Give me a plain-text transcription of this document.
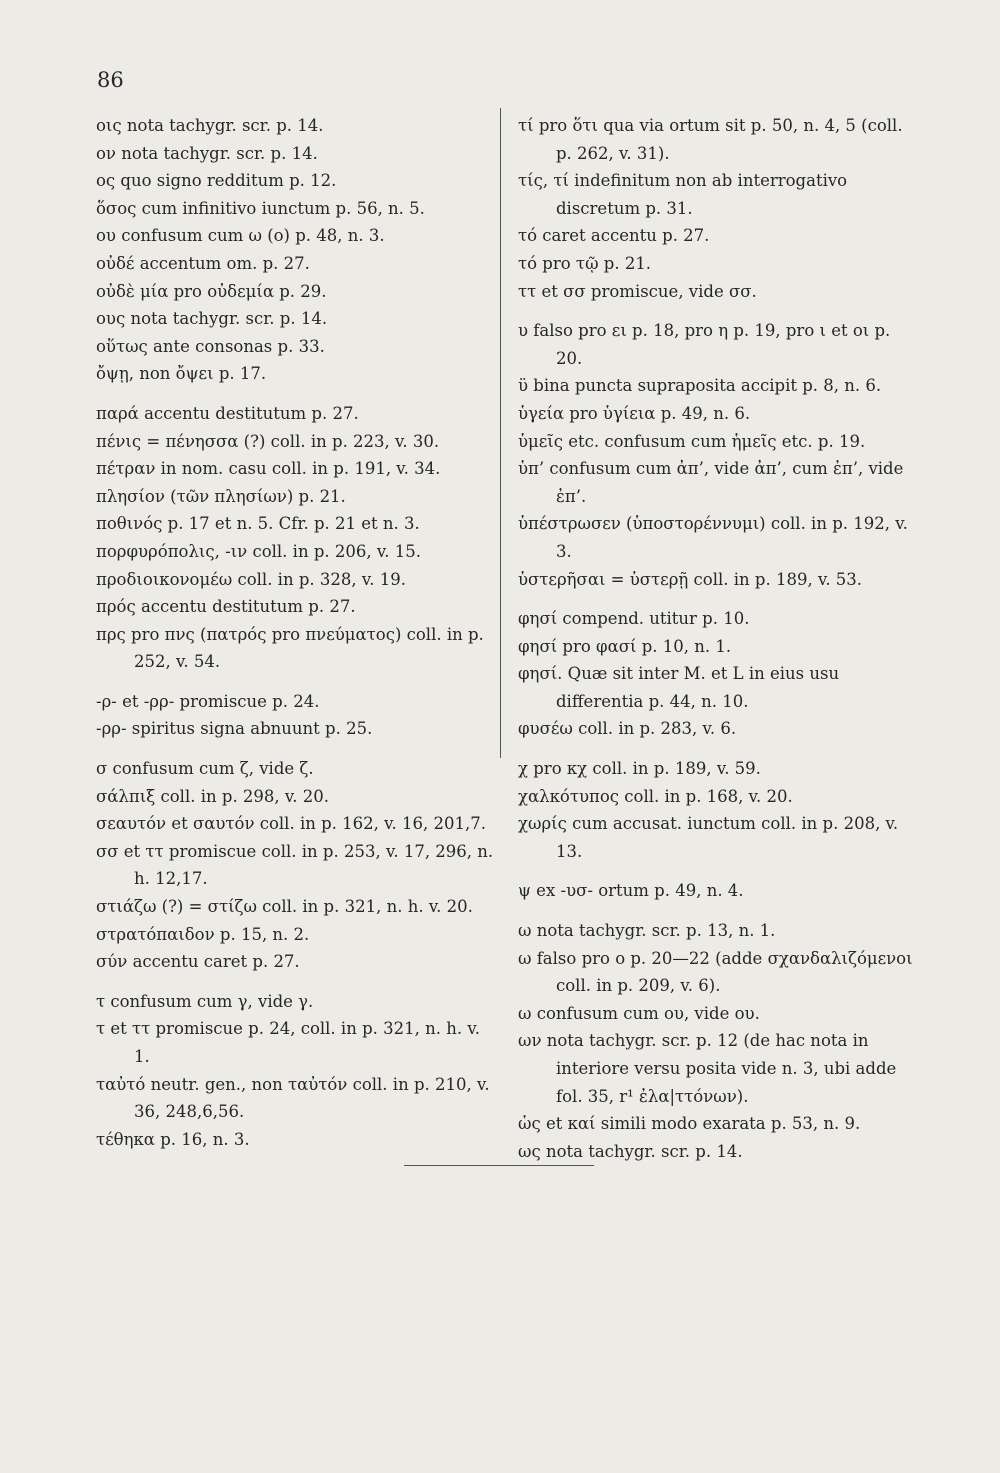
86
οις nota tachygr. scr. p. 14.
ον nota tachygr. scr. p. 14.
ος quo signo redditum p. 12.
ὅσος cum infinitivo iunctum p. 56, n. 5.
ου confusum cum ω (ο) p. 48, n. 3.
οὐδέ accentum om. p. 27.
οὐδὲ μία pro οὐδεμία p. 29.
ους nota tachygr. scr. p. 14.
οὕτως ante consonas p. 33.
ὄψῃ, non ὄψει p. 17.
παρά accentu destitutum p. 27.
πένις = πένησσα (?) coll. in p. 223, v. 30.
πέτραν in nom. casu coll. in p. 191, v. 34.
πλησίον (τῶν πλησίων) p. 21.
ποθινός p. 17 et n. 5. Cfr. p. 21 et n. 3.
πορφυρόπολις, -ιν coll. in p. 206, v. 15.
προδιοικονομέω coll. in p. 328, v. 19.
πρός accentu destitutum p. 27.
πρς pro πνς (πατρός pro πνεύματος) coll. in p. 252, v. 54.
-ρ- et -ρρ- promiscue p. 24.
-ρρ- spiritus signa abnuunt p. 25.
σ confusum cum ζ, vide ζ.
σάλπιξ coll. in p. 298, v. 20.
σεαυτόν et σαυτόν coll. in p. 162, v. 16, 201,7.
σσ et ττ promiscue coll. in p. 253, v. 17, 296, n. h. 12,17.
στιάζω (?) = στίζω coll. in p. 321, n. h. v. 20.
στρατόπαιδον p. 15, n. 2.
σύν accentu caret p. 27.
τ confusum cum γ, vide γ.
τ et ττ promiscue p. 24, coll. in p. 321, n. h. v. 1.
ταὐτό neutr. gen., non ταὐτόν coll. in p. 210, v. 36, 248,6,56.
τέθηκα p. 16, n. 3.
τί pro ὅτι qua via ortum sit p. 50, n. 4, 5 (coll. p. 262, v. 31).
τίς, τί indefinitum non ab interrogativo discretum p. 31.
τό caret accentu p. 27.
τό pro τῷ p. 21.
ττ et σσ promiscue, vide σσ.
υ falso pro ει p. 18, pro η p. 19, pro ι et οι p. 20.
ϋ bina puncta supraposita accipit p. 8, n. 6.
ὑγεία pro ὑγίεια p. 49, n. 6.
ὑμεῖς etc. confusum cum ἡμεῖς etc. p. 19.
ὑπ’ confusum cum ἀπ’, vide ἀπ’, cum ἐπ’, vide ἐπ’.
ὑπέστρωσεν (ὑποστορέννυμι) coll. in p. 192, v. 3.
ὑστερῆσαι = ὑστερῇ coll. in p. 189, v. 53.
φησί compend. utitur p. 10.
φησί pro φασί p. 10, n. 1.
φησί. Quæ sit inter M. et L in eius usu differentia p. 44, n. 10.
φυσέω coll. in p. 283, v. 6.
χ pro κχ coll. in p. 189, v. 59.
χαλκότυπος coll. in p. 168, v. 20.
χωρίς cum accusat. iunctum coll. in p. 208, v. 13.
ψ ex -υσ- ortum p. 49, n. 4.
ω nota tachygr. scr. p. 13, n. 1.
ω falso pro ο p. 20—22 (adde σχανδαλιζόμενοι coll. in p. 209, v. 6).
ω confusum cum ου, vide ου.
ων nota tachygr. scr. p. 12 (de hac nota in interiore versu posita vide n. 3, ubi adde fol. 35, r¹ ἐλα|ττόνων).
ὡς et καί simili modo exarata p. 53, n. 9.
ως nota tachygr. scr. p. 14.
